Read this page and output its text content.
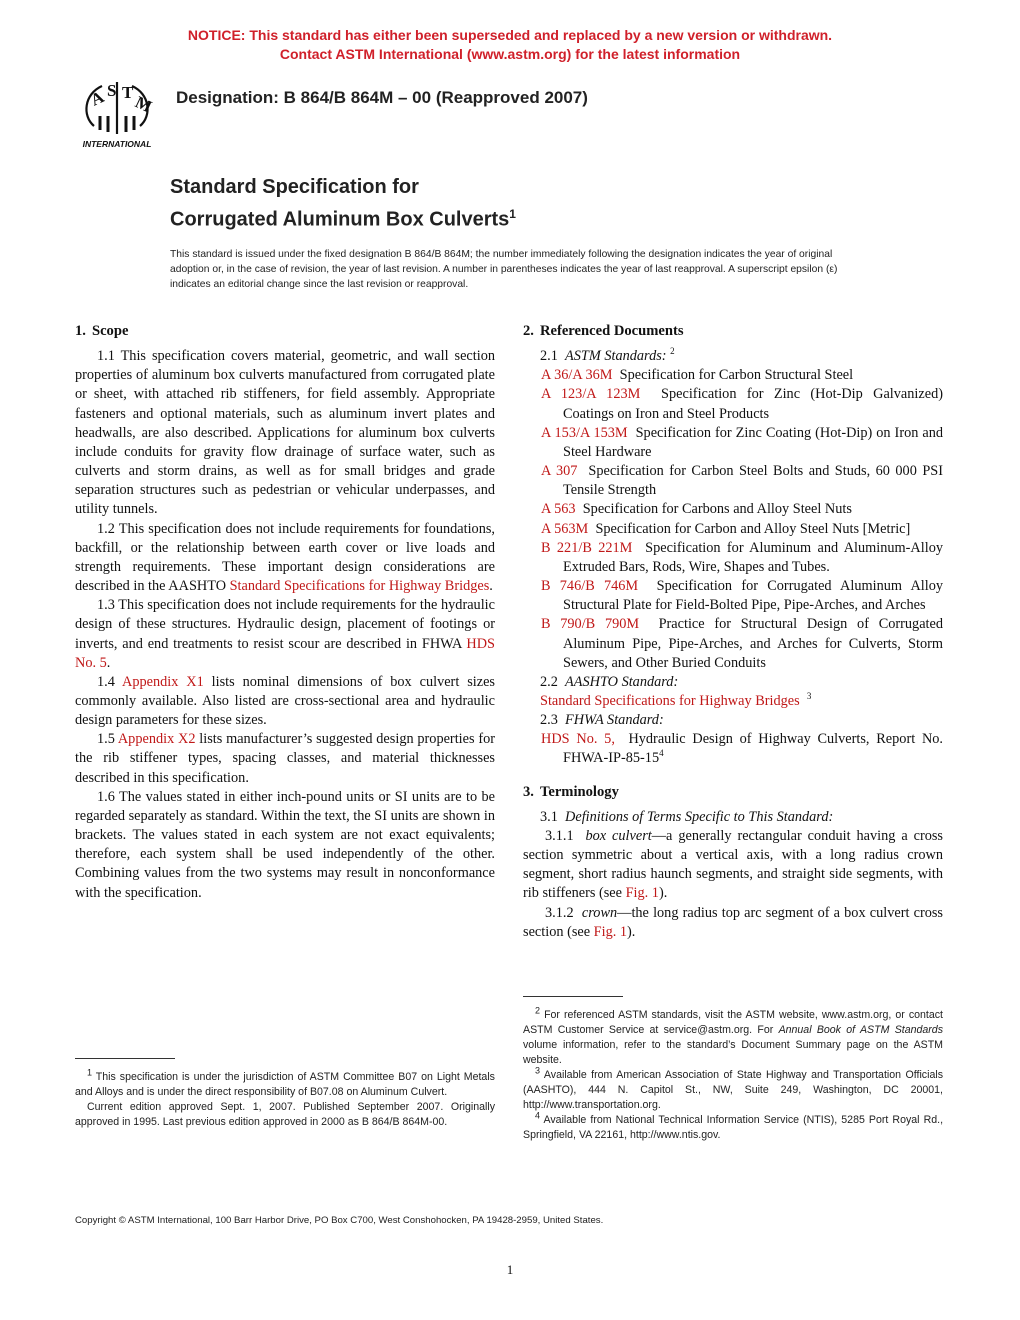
NOTICE: This standard has either been superseded and replaced by a new version or withdrawn.
Contact ASTM International (www.astm.org) for the latest information
A S T
M
INTERNATIONAL
Designation: B 864/B 864M – 00 (Reapproved 2007)
Standard Specification for
Corrugated Aluminum Box Culverts$^1$
This standard is issued under the fixed designation B 864/B 864M; the number immediately following the designation indicates the year of original adoption or, in the case of revision, the year of last revision. A number in parentheses indicates the year of last reapproval. A superscript epsilon (ε) indicates an editorial change since the last revision or reapproval.
1. Scope

1.1 This specification covers material, geometric, and wall section properties of aluminum box culverts manufactured from corrugated plate or sheet, with attached rib stiffeners, for field assembly. Appropriate fasteners and optional materials, such as aluminum invert plates and headwalls, are also described. Applications for aluminum box culverts include conduits for gravity flow drainage of surface water, such as culverts and storm drains, as well as for small bridges and grade separation structures such as pedestrian or vehicular underpasses, and utility tunnels.

1.2 This specification does not include requirements for foundations, backfill, or the relationship between earth cover or live loads and strength requirements. These important design considerations are described in the AASHTO Standard Specifications for Highway Bridges.

1.3 This specification does not include requirements for the hydraulic design of these structures. Hydraulic design, placement of footings or inverts, and end treatments to resist scour are described in FHWA HDS No. 5.

1.4 Appendix X1 lists nominal dimensions of box culvert sizes commonly available. Also listed are cross-sectional area and hydraulic design parameters for these sizes.

1.5 Appendix X2 lists manufacturer’s suggested design properties for the rib stiffener types, spacing classes, and material thicknesses described in this specification.

1.6 The values stated in either inch-pound units or SI units are to be regarded separately as standard. Within the text, the SI units are shown in brackets. The values stated in each system are not exact equivalents; therefore, each system shall be used independently of the other. Combining values from the two systems may result in nonconformance with the specification.

2. Referenced Documents

2.1 ASTM Standards: $^2$

A 36/A 36M Specification for Carbon Structural Steel

A 123/A 123M Specification for Zinc (Hot-Dip Galvanized) Coatings on Iron and Steel Products

A 153/A 153M Specification for Zinc Coating (Hot-Dip) on Iron and Steel Hardware

A 307 Specification for Carbon Steel Bolts and Studs, 60 000 PSI Tensile Strength

A 563 Specification for Carbons and Alloy Steel Nuts

A 563M Specification for Carbon and Alloy Steel Nuts [Metric]

B 221/B 221M Specification for Aluminum and Aluminum-Alloy Extruded Bars, Rods, Wire, Shapes and Tubes.

B 746/B 746M Specification for Corrugated Aluminum Alloy Structural Plate for Field-Bolted Pipe, Pipe-Arches, and Arches

B 790/B 790M Practice for Structural Design of Corrugated Aluminum Pipe, Pipe-Arches, and Arches for Culverts, Storm Sewers, and Other Buried Conduits

2.2 AASHTO Standard:

Standard Specifications for Highway Bridges $^3$

2.3 FHWA Standard:

HDS No. 5, Hydraulic Design of Highway Culverts, Report No. FHWA-$IP-85-15^4$

3. Terminology

3.1 Definitions of Terms Specific to This Standard:

3.1.1 box culvert—a generally rectangular conduit having a cross section symmetric about a vertical axis, with a long radius crown segment, short radius haunch segments, and straight side segments, with rib stiffeners (see Fig. 1).

3.1.2 crown—the long radius top arc segment of a box culvert cross section (see Fig. 1).

$^1$ This specification is under the jurisdiction of ASTM Committee B07 on Light Metals and Alloys and is under the direct responsibility of B07.08 on Aluminum Culvert.

Current edition approved Sept. 1, 2007. Published September 2007. Originally approved in 1995. Last previous edition approved in 2000 as B 864/B 864M-00.

$^2$ For referenced ASTM standards, visit the ASTM website, www.astm.org, or contact ASTM Customer Service at service@astm.org. For Annual Book of ASTM Standards volume information, refer to the standard’s Document Summary page on the ASTM website.

$^3$ Available from American Association of State Highway and Transportation Officials (AASHTO), 444 N. Capitol St., NW, Suite 249, Washington, DC 20001, http://www.transportation.org.

$^4$ Available from National Technical Information Service (NTIS), 5285 Port Royal Rd., Springfield, VA 22161, http://www.ntis.gov.

Copyright © ASTM International, 100 Barr Harbor Drive, PO Box C700, West Conshohocken, PA 19428-2959, United States.
1
